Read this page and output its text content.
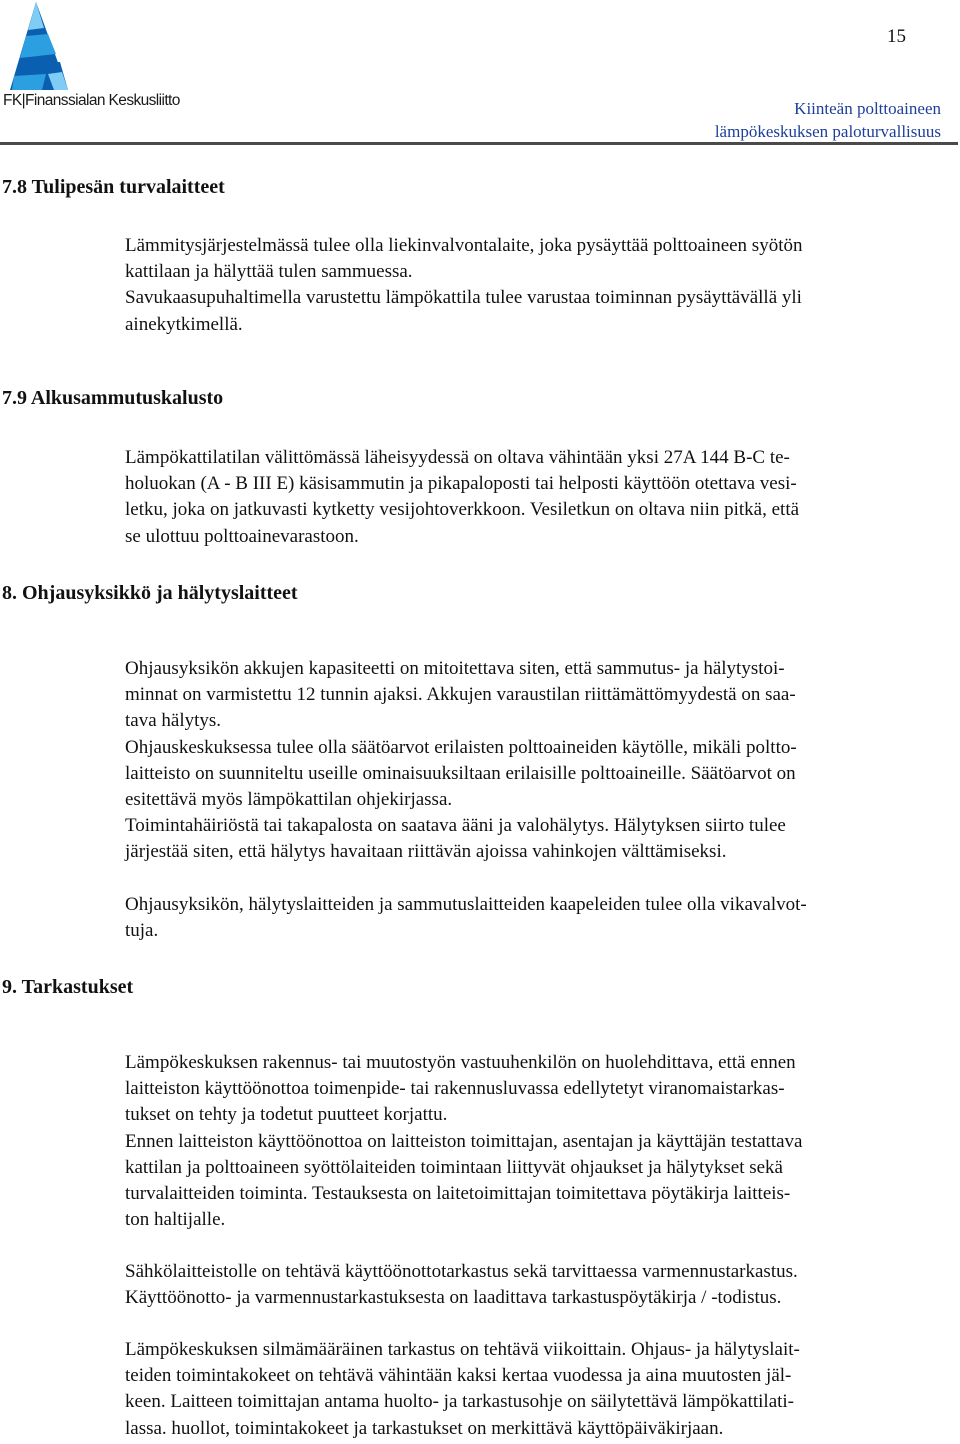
FK|Finanssialan Keskusliitto
15
Kiinteän polttoaineen
lämpökeskuksen paloturvallisuus
7.8 Tulipesän turvalaitteet

Lämmitysjärjestelmässä tulee olla liekinvalvontalaite, joka pysäyttää polttoaineen syötön
kattilaan ja hälyttää tulen sammuessa.
Savukaasupuhaltimella varustettu lämpökattila tulee varustaa toiminnan pysäyttävällä yli
ainekytkimellä.

7.9 Alkusammutuskalusto

Lämpökattilatilan välittömässä läheisyydessä on oltava vähintään yksi 27A 144 B-C te-
holuokan (A - B III E) käsisammutin ja pikapaloposti tai helposti käyttöön otettava vesi-
letku, joka on jatkuvasti kytketty vesijohtoverkkoon. Vesiletkun on oltava niin pitkä, että
se ulottuu polttoainevarastoon.

8. Ohjausyksikkö ja hälytyslaitteet

Ohjausyksikön akkujen kapasiteetti on mitoitettava siten, että sammutus- ja hälytystoi-
minnat on varmistettu 12 tunnin ajaksi. Akkujen varaustilan riittämättömyydestä on saa-
tava hälytys.
Ohjauskeskuksessa tulee olla säätöarvot erilaisten polttoaineiden käytölle, mikäli poltto-
laitteisto on suunniteltu useille ominaisuuksiltaan erilaisille polttoaineille. Säätöarvot on
esitettävä myös lämpökattilan ohjekirjassa.
Toimintahäiriöstä tai takapalosta on saatava ääni ja valohälytys. Hälytyksen siirto tulee
järjestää siten, että hälytys havaitaan riittävän ajoissa vahinkojen välttämiseksi.

Ohjausyksikön, hälytyslaitteiden ja sammutuslaitteiden kaapeleiden tulee olla vikavalvot-
tuja.

9. Tarkastukset

Lämpökeskuksen rakennus- tai muutostyön vastuuhenkilön on huolehdittava, että ennen
laitteiston käyttöönottoa toimenpide- tai rakennusluvassa edellytetyt viranomaistarkas-
tukset on tehty ja todetut puutteet korjattu.
Ennen laitteiston käyttöönottoa on laitteiston toimittajan, asentajan ja käyttäjän testattava
kattilan ja polttoaineen syöttölaiteiden toimintaan liittyvät ohjaukset ja hälytykset sekä
turvalaitteiden toiminta. Testauksesta on laitetoimittajan toimitettava pöytäkirja laitteis-
ton haltijalle.

Sähkölaitteistolle on tehtävä käyttöönottotarkastus sekä tarvittaessa varmennustarkastus.
Käyttöönotto- ja varmennustarkastuksesta on laadittava tarkastuspöytäkirja / -todistus.

Lämpökeskuksen silmämääräinen tarkastus on tehtävä viikoittain. Ohjaus- ja hälytyslait-
teiden toimintakokeet on tehtävä vähintään kaksi kertaa vuodessa ja aina muutosten jäl-
keen. Laitteen toimittajan antama huolto- ja tarkastusohje on säilytettävä lämpökattilati-
lassa. huollot, toimintakokeet ja tarkastukset on merkittävä käyttöpäiväkirjaan.
